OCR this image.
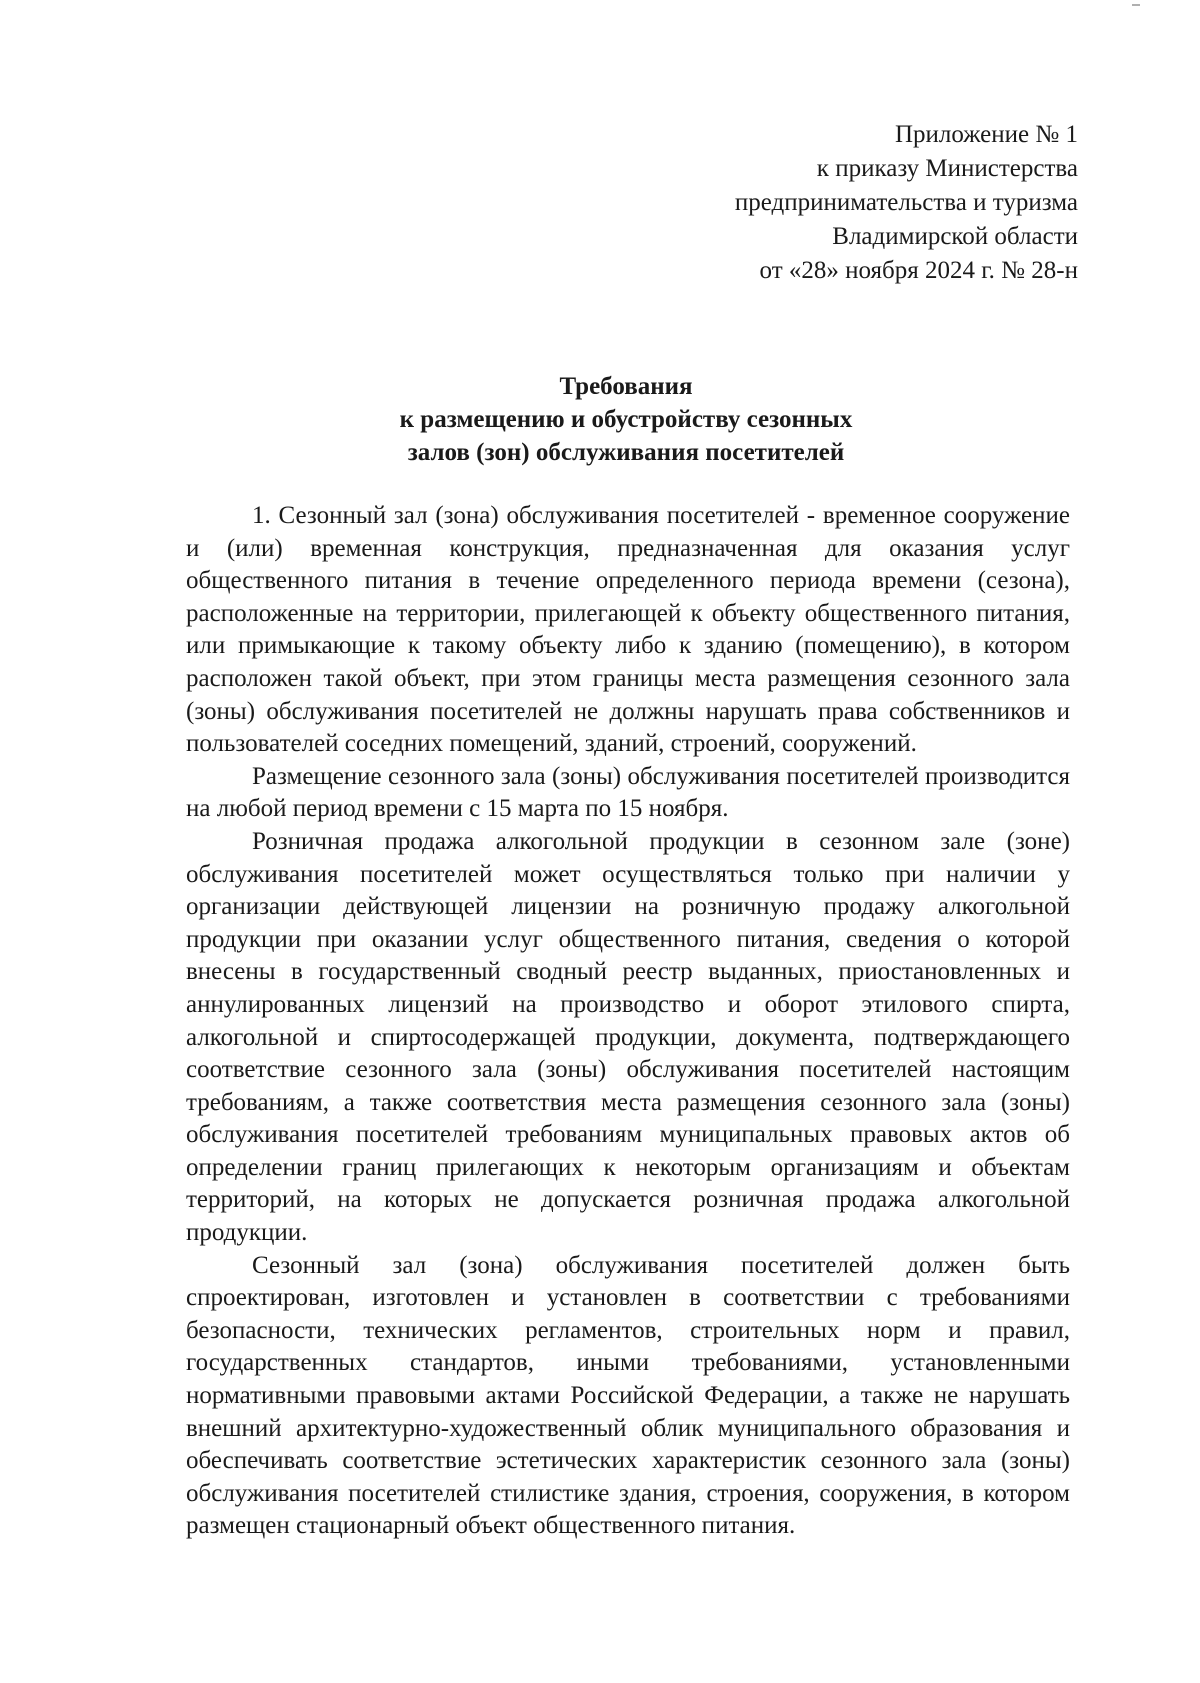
Приложение № 1
к приказу Министерства
предпринимательства и туризма
Владимирской области
от «28» ноября 2024 г. № 28-н
Требования
к размещению и обустройству сезонных
залов (зон) обслуживания посетителей

1. Сезонный зал (зона) обслуживания посетителей - временное сооружение и (или) временная конструкция, предназначенная для оказания услуг общественного питания в течение определенного периода времени (сезона), расположенные на территории, прилегающей к объекту общественного питания, или примыкающие к такому объекту либо к зданию (помещению), в котором расположен такой объект, при этом границы места размещения сезонного зала (зоны) обслуживания посетителей не должны нарушать права собственников и пользователей соседних помещений, зданий, строений, сооружений.

Размещение сезонного зала (зоны) обслуживания посетителей производится на любой период времени с 15 марта по 15 ноября.

Розничная продажа алкогольной продукции в сезонном зале (зоне) обслуживания посетителей может осуществляться только при наличии у организации действующей лицензии на розничную продажу алкогольной продукции при оказании услуг общественного питания, сведения о которой внесены в государственный сводный реестр выданных, приостановленных и аннулированных лицензий на производство и оборот этилового спирта, алкогольной и спиртосодержащей продукции, документа, подтверждающего соответствие сезонного зала (зоны) обслуживания посетителей настоящим требованиям, а также соответствия места размещения сезонного зала (зоны) обслуживания посетителей требованиям муниципальных правовых актов об определении границ прилегающих к некоторым организациям и объектам территорий, на которых не допускается розничная продажа алкогольной продукции.

Сезонный зал (зона) обслуживания посетителей должен быть спроектирован, изготовлен и установлен в соответствии с требованиями безопасности, технических регламентов, строительных норм и правил, государственных стандартов, иными требованиями, установленными нормативными правовыми актами Российской Федерации, а также не нарушать внешний архитектурно-художественный облик муниципального образования и обеспечивать соответствие эстетических характеристик сезонного зала (зоны) обслуживания посетителей стилистике здания, строения, сооружения, в котором размещен стационарный объект общественного питания.
